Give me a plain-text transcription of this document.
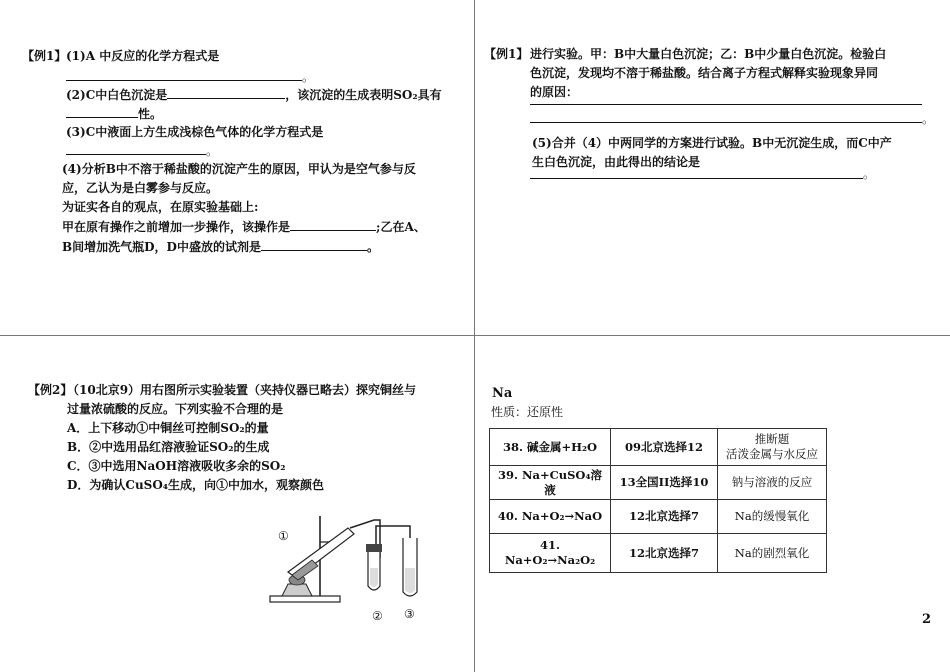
【例1】 (1)A 中反应的化学方程式是
。
(2)C中白色沉淀是	，该沉淀的生成表明SO₂具有
性。
(3)C中液面上方生成浅棕色气体的化学方程式是
。
(4)分析B中不溶于稀盐酸的沉淀产生的原因，甲认为是空气参与反
应，乙认为是白雾参与反应。
为证实各自的观点，在原实验基础上:
甲在原有操作之前增加一步操作，该操作是	;乙在A、
B间增加洗气瓶D，D中盛放的试剂是	。
【例1】 进行实验。甲：B中大量白色沉淀；乙：B中少量白色沉淀。检验白
色沉淀，发现均不溶于稀盐酸。结合离子方程式解释实验现象异同
的原因：
。
(5)合并（4）中两同学的方案进行试验。B中无沉淀生成，而C中产
生白色沉淀，由此得出的结论是
。
【例2】
（10北京9）用右图所示实验装置（夹持仪器已略去）探究铜丝与
过量浓硫酸的反应。下列实验不合理的是
A．上下移动①中铜丝可控制SO₂的量
B．②中选用品红溶液验证SO₂的生成
C．③中选用NaOH溶液吸收多余的SO₂
D．为确认CuSO₄生成，向①中加水，观察颜色
①
② ③
Na
性质：还原性
38. 碱金属+H₂O	09北京选择12	推断题
活泼金属与水反应

39. Na+CuSO₄溶液	13全国II选择10	钠与溶液的反应
40. Na+O₂→NaO	12北京选择7	Na的缓慢氧化
41. Na+O₂→Na₂O₂	12北京选择7	Na的剧烈氧化
2
